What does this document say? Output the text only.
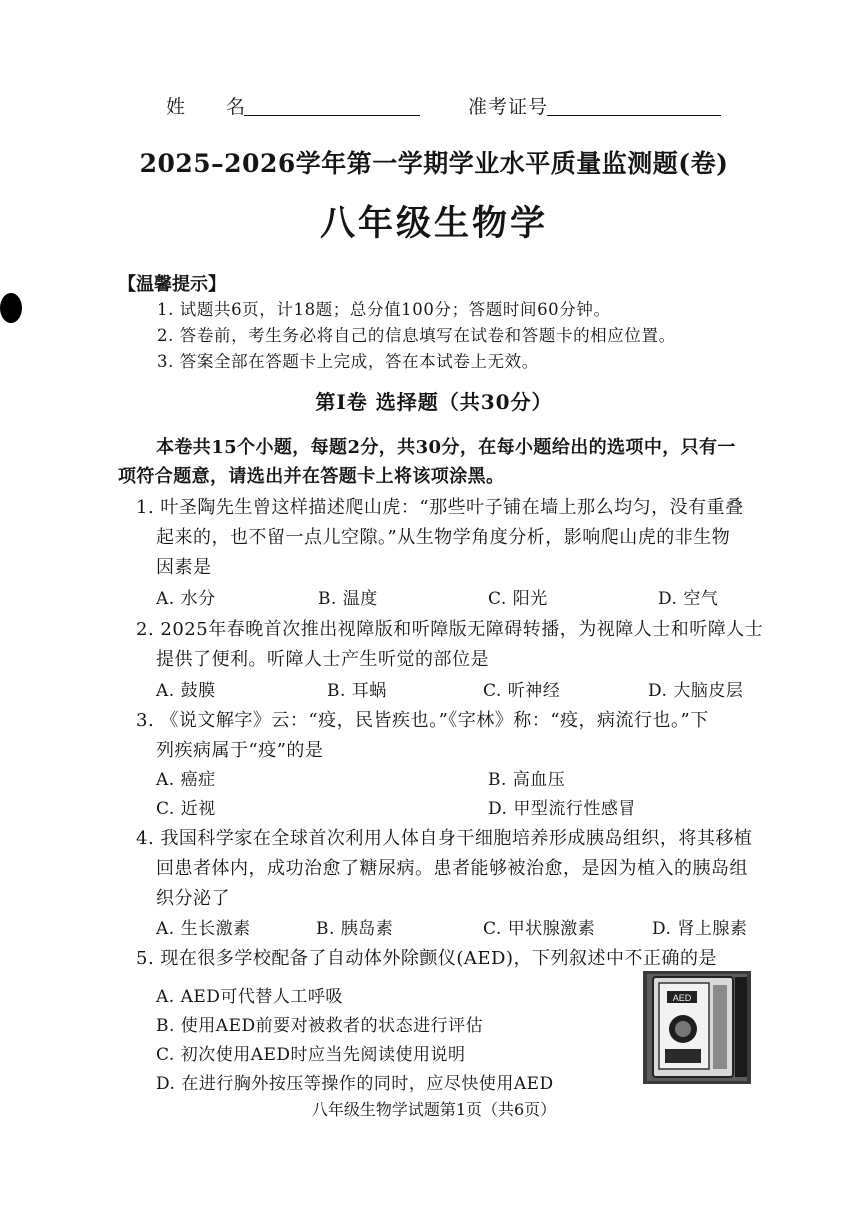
姓　　名	准考证号
2025–2026学年第一学期学业水平质量监测题(卷)
八年级生物学
【温馨提示】
1. 试题共6页，计18题；总分值100分；答题时间60分钟。
2. 答卷前，考生务必将自己的信息填写在试卷和答题卡的相应位置。
3. 答案全部在答题卡上完成，答在本试卷上无效。
第Ⅰ卷 选择题（共30分）
本卷共15个小题，每题2分，共30分，在每小题给出的选项中，只有一
项符合题意，请选出并在答题卡上将该项涂黑。
1. 叶圣陶先生曾这样描述爬山虎：“那些叶子铺在墙上那么均匀，没有重叠
起来的，也不留一点儿空隙。”从生物学角度分析，影响爬山虎的非生物
因素是
A. 水分	B. 温度	C. 阳光	D. 空气
2. 2025年春晚首次推出视障版和听障版无障碍转播，为视障人士和听障人士
提供了便利。听障人士产生听觉的部位是
A. 鼓膜	B. 耳蜗	C. 听神经	D. 大脑皮层
3. 《说文解字》云：“疫，民皆疾也。”《字林》称：“疫，病流行也。”下
列疾病属于“疫”的是
A. 癌症	B. 高血压
C. 近视	D. 甲型流行性感冒
4. 我国科学家在全球首次利用人体自身干细胞培养形成胰岛组织，将其移植
回患者体内，成功治愈了糖尿病。患者能够被治愈，是因为植入的胰岛组
织分泌了
A. 生长激素	B. 胰岛素	C. 甲状腺激素	D. 肾上腺素
5. 现在很多学校配备了自动体外除颤仪(AED)，下列叙述中不正确的是
A. AED可代替人工呼吸
B. 使用AED前要对被救者的状态进行评估
C. 初次使用AED时应当先阅读使用说明
D. 在进行胸外按压等操作的同时，应尽快使用AED
AED
八年级生物学试题第1页（共6页）
